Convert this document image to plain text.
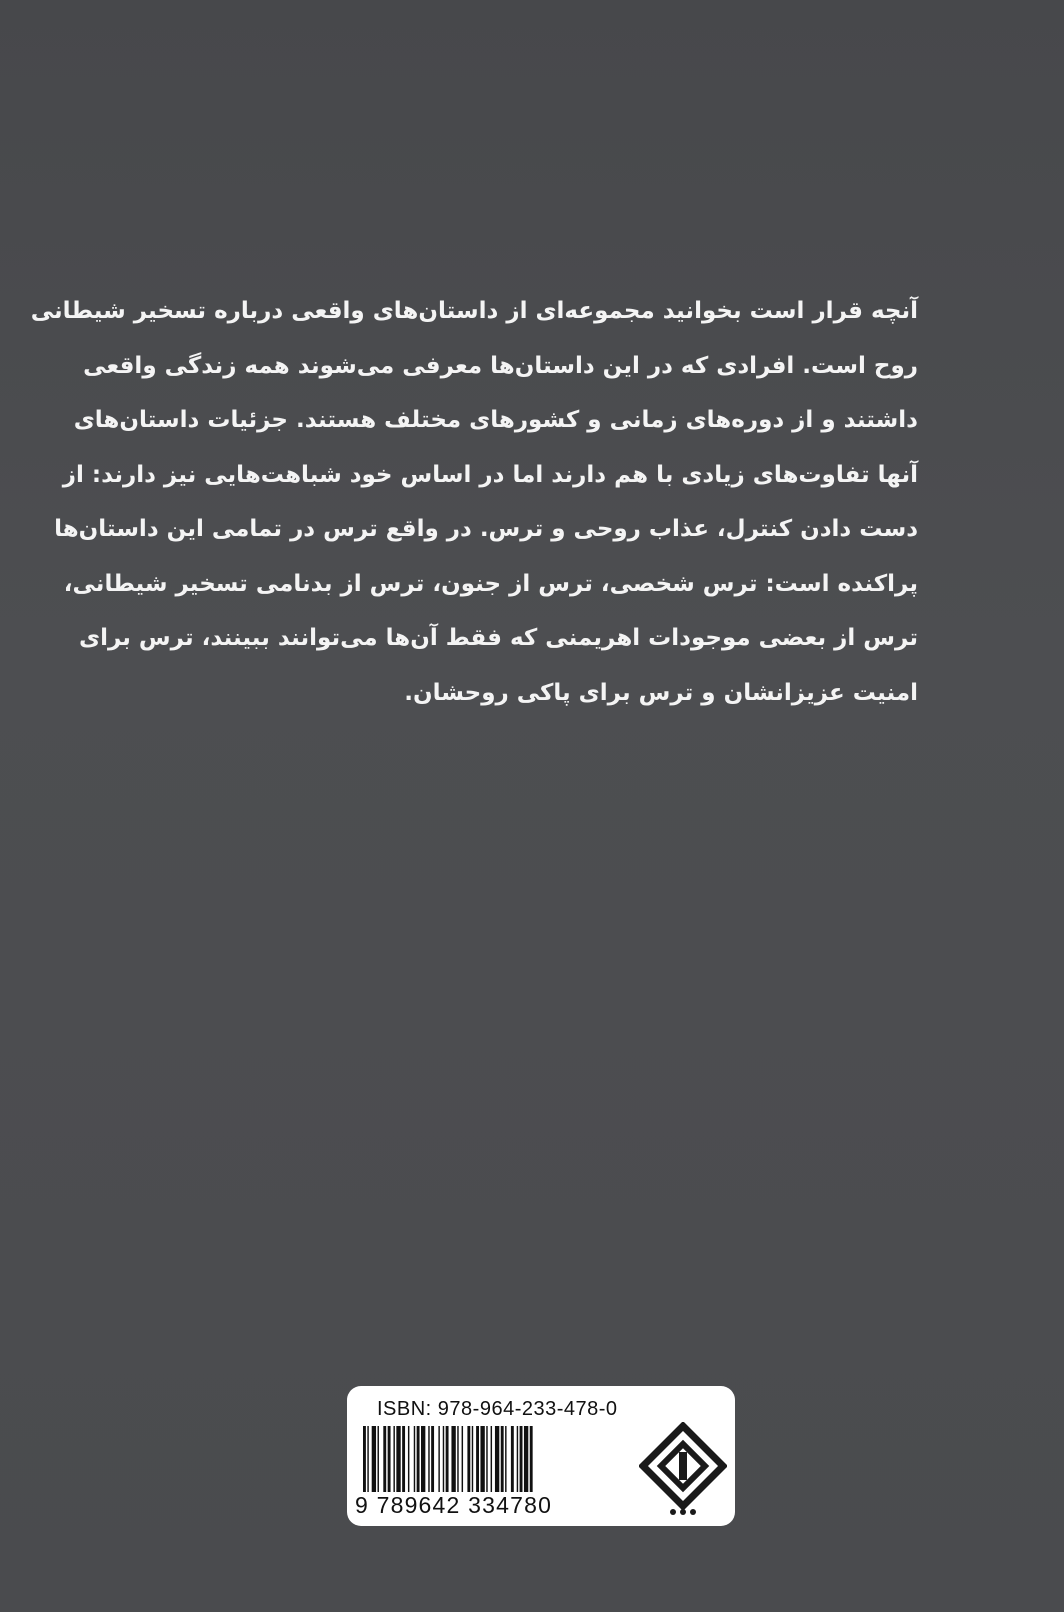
آنچه قرار است بخوانید مجموعه‌ای از داستان‌های واقعی درباره تسخیر شیطانی
روح است. افرادی که در این داستان‌ها معرفی می‌شوند همه زندگی واقعی
داشتند و از دوره‌های زمانی و کشورهای مختلف هستند. جزئیات داستان‌های
آنها تفاوت‌های زیادی با هم دارند اما در اساس خود شباهت‌هایی نیز دارند: از
دست دادن کنترل، عذاب روحی و ترس. در واقع ترس در تمامی این داستان‌ها
پراکنده است: ترس شخصی، ترس از جنون، ترس از بدنامی تسخیر شیطانی،
ترس از بعضی موجودات اهریمنی که فقط آن‌ها می‌توانند ببینند، ترس برای
امنیت عزیزانشان و ترس برای پاکی روحشان.
ISBN: 978-964-233-478-0
9 789642 334780
